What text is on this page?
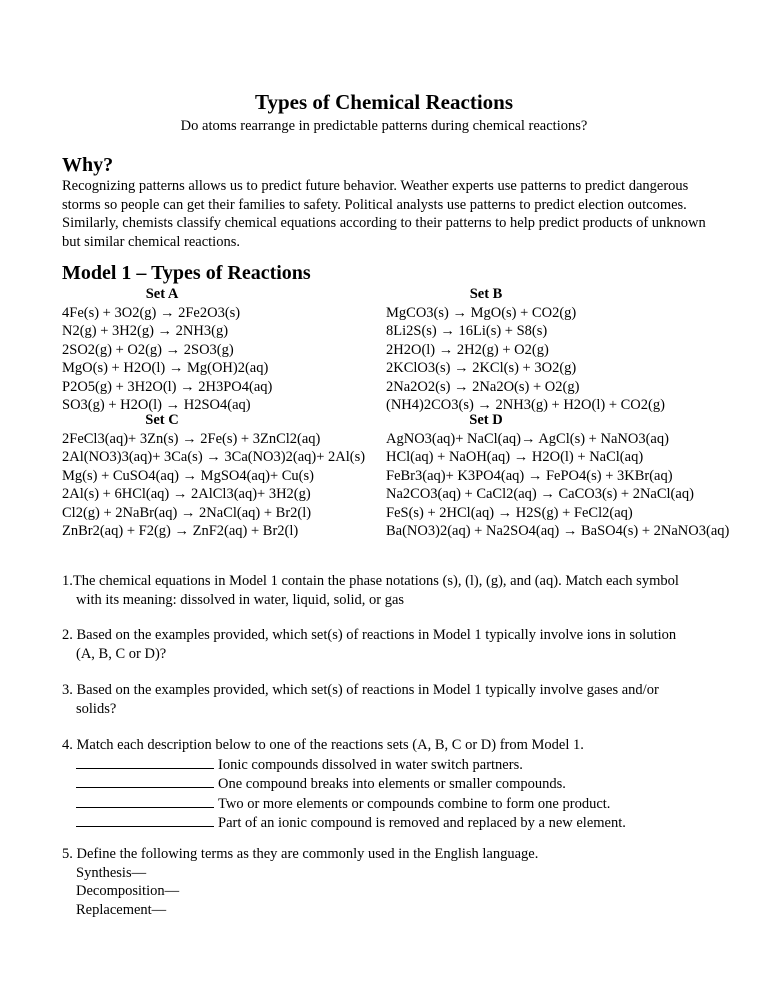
Types of Chemical Reactions
Do atoms rearrange in predictable patterns during chemical reactions?
Why?
Recognizing patterns allows us to predict future behavior. Weather experts use patterns to predict dangerous storms so people can get their families to safety. Political analysts use patterns to predict election outcomes. Similarly, chemists classify chemical equations according to their patterns to help predict products of unknown but similar chemical reactions.
Model 1 – Types of Reactions
Set A
4Fe(s) + 3O2(g) → 2Fe2O3(s)
N2(g) + 3H2(g) → 2NH3(g)
2SO2(g) + O2(g) → 2SO3(g)
MgO(s) + H2O(l) → Mg(OH)2(aq)
P2O5(g) + 3H2O(l) → 2H3PO4(aq)
SO3(g) + H2O(l) → H2SO4(aq)
Set B
MgCO3(s) → MgO(s) + CO2(g)
8Li2S(s) → 16Li(s) + S8(s)
2H2O(l) → 2H2(g) + O2(g)
2KClO3(s) → 2KCl(s) + 3O2(g)
2Na2O2(s) → 2Na2O(s) + O2(g)
(NH4)2CO3(s) → 2NH3(g) + H2O(l) + CO2(g)
Set C
2FeCl3(aq)+ 3Zn(s) → 2Fe(s) + 3ZnCl2(aq)
2Al(NO3)3(aq)+ 3Ca(s) → 3Ca(NO3)2(aq)+ 2Al(s)
Mg(s) + CuSO4(aq) → MgSO4(aq)+ Cu(s)
2Al(s) + 6HCl(aq) → 2AlCl3(aq)+ 3H2(g)
Cl2(g) + 2NaBr(aq) → 2NaCl(aq) + Br2(l)
ZnBr2(aq) + F2(g) → ZnF2(aq) + Br2(l)
Set D
AgNO3(aq)+ NaCl(aq)→ AgCl(s) + NaNO3(aq)
HCl(aq) + NaOH(aq) → H2O(l) + NaCl(aq)
FeBr3(aq)+ K3PO4(aq) → FePO4(s) + 3KBr(aq)
Na2CO3(aq) + CaCl2(aq) → CaCO3(s) + 2NaCl(aq)
FeS(s) + 2HCl(aq) → H2S(g) + FeCl2(aq)
Ba(NO3)2(aq) + Na2SO4(aq) → BaSO4(s) + 2NaNO3(aq)
1.The chemical equations in Model 1 contain the phase notations (s), (l), (g), and (aq). Match each symbol
with its meaning: dissolved in water, liquid, solid, or gas
2. Based on the examples provided, which set(s) of reactions in Model 1 typically involve ions in solution
(A, B, C or D)?
3. Based on the examples provided, which set(s) of reactions in Model 1 typically involve gases and/or
solids?
4. Match each description below to one of the reactions sets (A, B, C or D) from Model 1.
Ionic compounds dissolved in water switch partners.
One compound breaks into elements or smaller compounds.
Two or more elements or compounds combine to form one product.
Part of an ionic compound is removed and replaced by a new element.
5. Define the following terms as they are commonly used in the English language.
Synthesis—
Decomposition—
Replacement—
